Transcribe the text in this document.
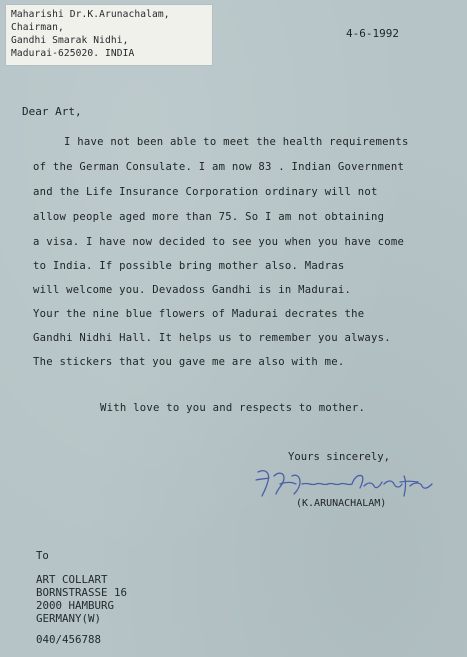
Maharishi Dr.K.Arunachalam,
Chairman,
Gandhi Smarak Nidhi,
Madurai-625020. INDIA
4-6-1992
Dear Art,
I have not been able to meet the health requirements
of the German Consulate. I am now 83 . Indian Government
and the Life Insurance Corporation ordinary will not
allow people aged more than 75. So I am not obtaining
a visa. I have now decided to see you when you have come
to India. If possible bring mother also. Madras
will welcome you. Devadoss Gandhi is in Madurai.
Your the nine blue flowers of Madurai decrates the
Gandhi Nidhi Hall. It helps us to remember you always.
The stickers that you gave me are also with me.
With love to you and respects to mother.
Yours sincerely,
(K.ARUNACHALAM)
To
ART COLLART
BORNSTRASSE 16
2000 HAMBURG
GERMANY(W)
040/456788
